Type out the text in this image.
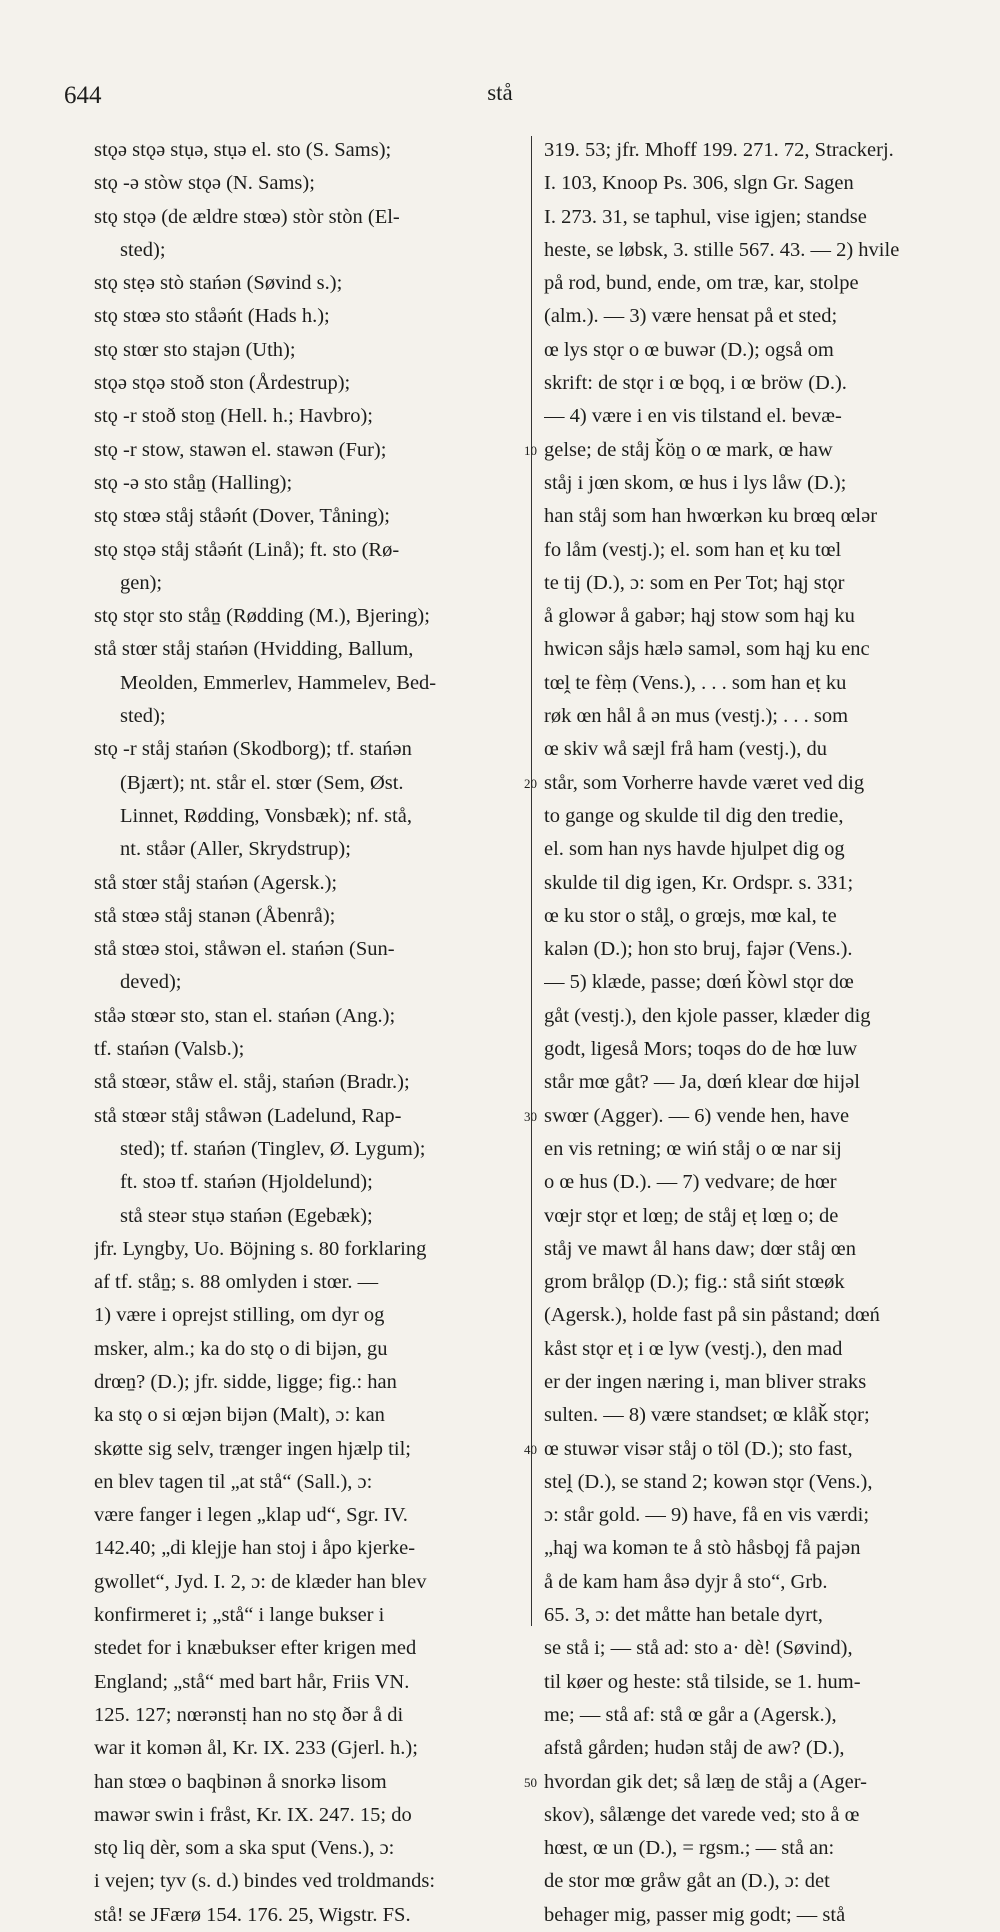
644	stå
stǫə stǫə stụə, stụə el. sto (S. Sams);
stǫ -ə stòw stǫə (N. Sams);
stǫ stǫə (de ældre stœə) stòr stòn (El-
sted);
stǫ stẹə stò stańən (Søvind s.);
stǫ stœə sto ståəńt (Hads h.);
stǫ stœr sto stajən (Uth);
stǫə stǫə stoð ston (Årdestrup);
stǫ -r stoð stoṉ (Hell. h.; Havbro);
stǫ -r stow, stawən el. stawən (Fur);
stǫ -ə sto ståṉ (Halling);
stǫ stœə ståj ståəńt (Dover, Tåning);
stǫ stǫə ståj ståəńt (Linå); ft. sto (Rø-
gen);
stǫ stǫr sto ståṉ (Rødding (M.), Bjering);
stå stœr ståj stańən (Hvidding, Ballum,
Meolden, Emmerlev, Hammelev, Bed-
sted);
stǫ -r ståj stańən (Skodborg); tf. stańən
(Bjært); nt. står el. stœr (Sem, Øst.
Linnet, Rødding, Vonsbæk); nf. stå,
nt. ståər (Aller, Skrydstrup);
stå stœr ståj stańən (Agersk.);
stå stœə ståj stanən (Åbenrå);
stå stœə stoi, ståwən el. stańən (Sun-
deved);
ståə stœər sto, stan el. stańən (Ang.);
tf. stańən (Valsb.);
stå stœər, ståw el. ståj, stańən (Bradr.);
stå stœər ståj ståwən (Ladelund, Rap-
sted); tf. stańən (Tinglev, Ø. Lygum);
ft. stoə tf. stańən (Hjoldelund);
stå steər stụə stańən (Egebæk);
jfr. Lyngby, Uo. Böjning s. 80 forklaring
af tf. ståṉ; s. 88 omlyden i stœr. —
1) være i oprejst stilling, om dyr og
msker, alm.; ka do stǫ o di bijən, gu
drœṉ? (D.); jfr. sidde, ligge; fig.: han
ka stǫ o si œjən bijən (Malt), ɔ: kan
skøtte sig selv, trænger ingen hjælp til;
en blev tagen til „at stå“ (Sall.), ɔ:
være fanger i legen „klap ud“, Sgr. IV.
142.40; „di klejje han stoj i åpo kjerke-
gwollet“, Jyd. I. 2, ɔ: de klæder han blev
konfirmeret i; „stå“ i lange bukser i
stedet for i knæbukser efter krigen med
England; „stå“ med bart hår, Friis VN.
125. 127; nœrənstị han no stǫ ðər å di
war it komən ål, Kr. IX. 233 (Gjerl. h.);
han stœə o baqbinən å snorkə lisom
mawər swin i fråst, Kr. IX. 247. 15; do
stǫ liq dèr, som a ska sput (Vens.), ɔ:
i vejen; tyv (s. d.) bindes ved troldmands:
stå! se JFærø 154. 176. 25, Wigstr. FS.
10
20
30
40
50
319. 53; jfr. Mhoff 199. 271. 72, Strackerj.
I. 103, Knoop Ps. 306, slgn Gr. Sagen
I. 273. 31, se taphul, vise igjen; standse
heste, se løbsk, 3. stille 567. 43. — 2) hvile
på rod, bund, ende, om træ, kar, stolpe
(alm.). — 3) være hensat på et sted;
œ lys stǫr o œ buwər (D.); også om
skrift: de stǫr i œ bǫq, i œ bröw (D.).
— 4) være i en vis tilstand el. bevæ-
gelse; de ståj ǩöṉ o œ mark, œ haw
ståj i jœn skom, œ hus i lys låw (D.);
han ståj som han hwœrkən ku brœq œlər
fo låm (vestj.); el. som han eṭ ku tœl
te tij (D.), ɔ: som en Per Tot; hąj stǫr
å glowər å gabər; hąj stow som hąj ku
hwicən såjs hælə saməl, som hąj ku enc
tœḽ te fèṃ (Vens.), . . . som han eṭ ku
røk œn hål å ən mus (vestj.); . . . som
œ skiv wå sæjl frå ham (vestj.), du
står, som Vorherre havde været ved dig
to gange og skulde til dig den tredie,
el. som han nys havde hjulpet dig og
skulde til dig igen, Kr. Ordspr. s. 331;
œ ku stor o ståḽ, o grœjs, mœ kal, te
kalən (D.); hon sto bruj, fajər (Vens.).
— 5) klæde, passe; dœń ǩòwl stǫr dœ
gåt (vestj.), den kjole passer, klæder dig
godt, ligeså Mors; toqəs do de hœ luw
står mœ gåt? — Ja, dœń klear dœ hijəl
swœr (Agger). — 6) vende hen, have
en vis retning; œ wiń ståj o œ nar sij
o œ hus (D.). — 7) vedvare; de hœr
vœjr stǫr et lœṉ; de ståj eṭ lœṉ o; de
ståj ve mawt ål hans daw; dœr ståj œn
grom brålǫp (D.); fig.: stå sińt stœøk
(Agersk.), holde fast på sin påstand; dœń
kåst stǫr eṭ i œ lyw (vestj.), den mad
er der ingen næring i, man bliver straks
sulten. — 8) være standset; œ klåǩ stǫr;
œ stuwər visər ståj o töl (D.); sto fast,
steḽ (D.), se stand 2; kowən stǫr (Vens.),
ɔ: står gold. — 9) have, få en vis værdi;
„hąj wa komən te å stò håsbǫj få pajən
å de kam ham åsə dyjr å sto“, Grb.
65. 3, ɔ: det måtte han betale dyrt,
se stå i; — stå ad: sto a· dè! (Søvind),
til køer og heste: stå tilside, se 1. hum-
me; — stå af: stå œ går a (Agersk.),
afstå gården; hudən ståj de aw? (D.),
hvordan gik det; så læṉ de ståj a (Ager-
skov), sålænge det varede ved; sto å œ
hœst, œ un (D.), = rgsm.; — stå an:
de stor mœ gråw gåt an (D.), ɔ: det
behager mig, passer mig godt; — stå
